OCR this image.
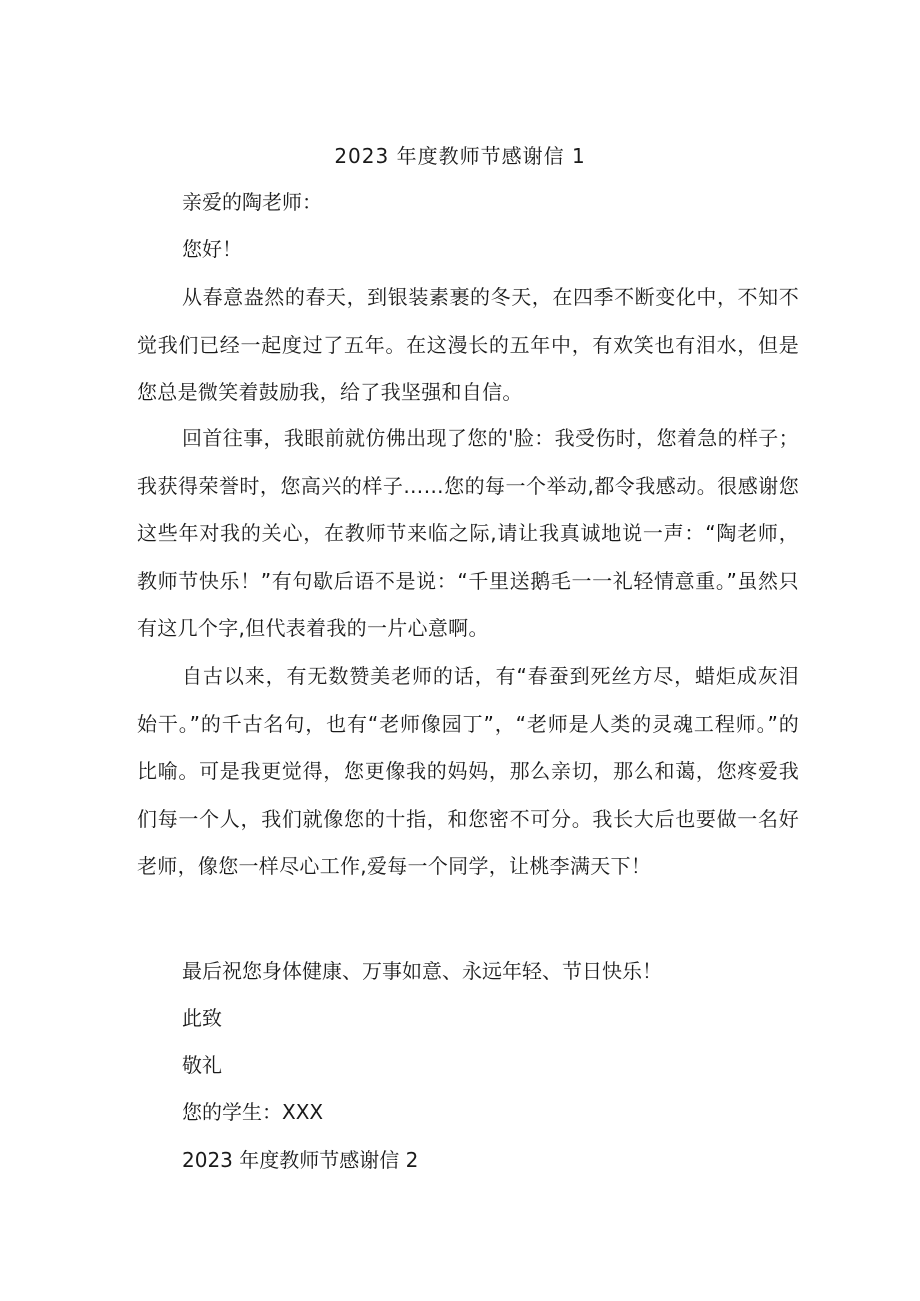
2023 年度教师节感谢信 1
亲爱的陶老师：
您好！
从春意盎然的春天，到银装素裹的冬天，在四季不断变化中，不知不觉我们已经一起度过了五年。在这漫长的五年中，有欢笑也有泪水，但是您总是微笑着鼓励我，给了我坚强和自信。
回首往事，我眼前就仿佛出现了您的'脸：我受伤时，您着急的样子；我获得荣誉时，您高兴的样子……您的每一个举动,都令我感动。很感谢您这些年对我的关心，在教师节来临之际,请让我真诚地说一声：“陶老师，教师节快乐！”有句歇后语不是说：“千里送鹅毛一一礼轻情意重。”虽然只有这几个字,但代表着我的一片心意啊。
自古以来，有无数赞美老师的话，有“春蚕到死丝方尽，蜡炬成灰泪始干。”的千古名句，也有“老师像园丁”，“老师是人类的灵魂工程师。”的比喻。可是我更觉得，您更像我的妈妈，那么亲切，那么和蔼，您疼爱我们每一个人，我们就像您的十指，和您密不可分。我长大后也要做一名好老师，像您一样尽心工作,爱每一个同学，让桃李满天下！
最后祝您身体健康、万事如意、永远年轻、节日快乐！
此致
敬礼
您的学生：XXX
2023 年度教师节感谢信 2
